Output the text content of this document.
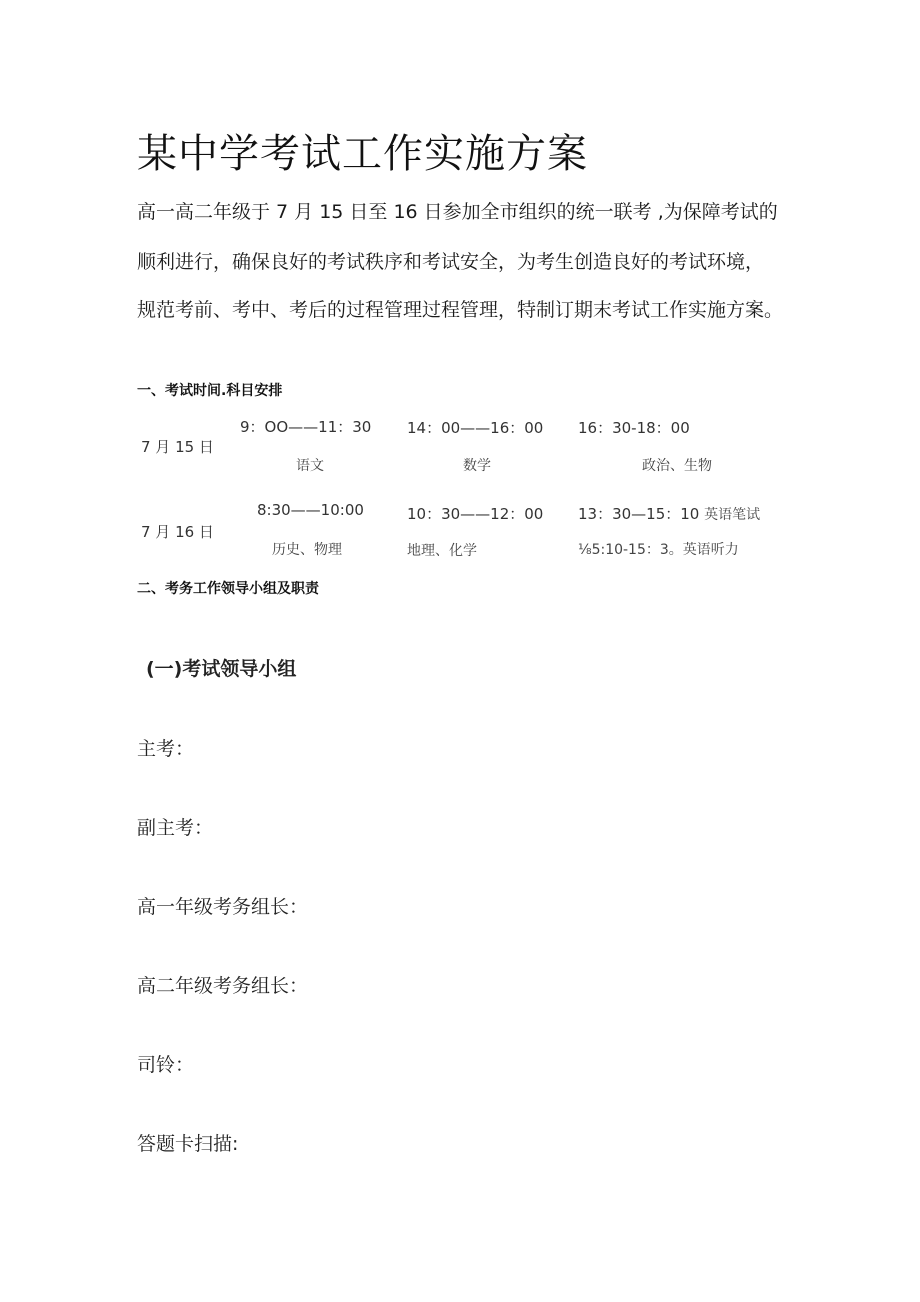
某中学考试工作实施方案
高一高二年级于 7 月 15 日至 16 日参加全市组织的统一联考 ,为保障考试的
顺利进行，确保良好的考试秩序和考试安全，为考生创造良好的考试环境，
规范考前、考中、考后的过程管理过程管理，特制订期末考试工作实施方案。
一、考试时间.科目安排
7 月 15 日
9：OO——11：30
语文
14：00——16：00
数学
16：30-18：00
政治、生物
7 月 16 日
8:30——10:00
历史、物理
10：30——12：00
地理、化学
13：30—15：10 英语笔试
⅛5:10-15：3。英语听力
二、考务工作领导小组及职责
(一)考试领导小组
主考：
副主考：
高一年级考务组长：
高二年级考务组长：
司铃：
答题卡扫描:
